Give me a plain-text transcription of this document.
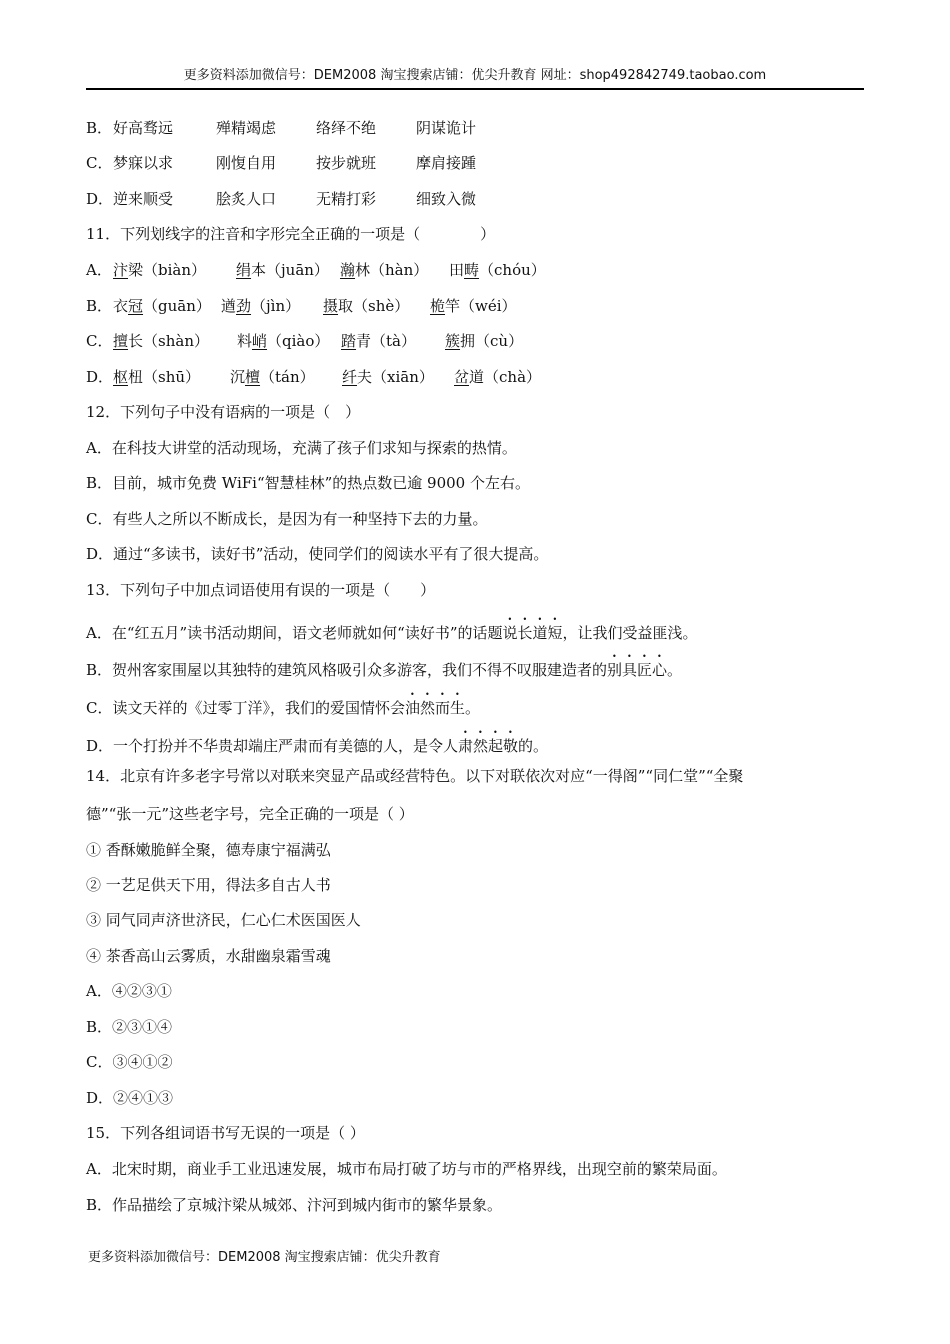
更多资料添加微信号：DEM2008 淘宝搜索店铺：优尖升教育 网址：shop492842749.taobao.com
B．好高骛远	殚精竭虑	络绎不绝	阴谋诡计
C．梦寐以求	刚愎自用	按步就班	摩肩接踵
D．逆来顺受	脍炙人口	无精打彩	细致入微
11．下列划线字的注音和字形完全正确的一项是（　　　　）
A．汴梁（biàn） 绢本（juān） 瀚林（hàn） 田畴（chóu）
B．衣冠（guān） 遒劲（jìn） 摄取（shè） 桅竿（wéi）
C．擅长（shàn） 料峭（qiào） 踏青（tà） 簇拥（cù）
D．枢杻（shū） 沉檀（tán） 纤夫（xiān） 岔道（chà）
12．下列句子中没有语病的一项是（　）
A．在科技大讲堂的活动现场，充满了孩子们求知与探索的热情。
B．目前，城市免费 WiFi“智慧桂林”的热点数已逾 9000 个左右。
C．有些人之所以不断成长，是因为有一种坚持下去的力量。
D．通过“多读书，读好书”活动，使同学们的阅读水平有了很大提高。
13．下列句子中加点词语使用有误的一项是（　　）
A．在“红五月”读书活动期间，语文老师就如何“读好书”的话题说长道短，让我们受益匪浅。
B．贺州客家围屋以其独特的建筑风格吸引众多游客，我们不得不叹服建造者的别具匠心。
C．读文天祥的《过零丁洋》，我们的爱国情怀会油然而生。
D．一个打扮并不华贵却端庄严肃而有美德的人，是令人肃然起敬的。
14．北京有许多老字号常以对联来突显产品或经营特色。以下对联依次对应“一得阁”“同仁堂”“全聚
德”“张一元”这些老字号，完全正确的一项是（ ）
① 香酥嫩脆鲜全聚，德寿康宁福满弘
② 一艺足供天下用，得法多自古人书
③ 同气同声济世济民，仁心仁术医国医人
④ 茶香高山云雾质，水甜幽泉霜雪魂
A．④②③①
B．②③①④
C．③④①②
D．②④①③
15．下列各组词语书写无误的一项是（ ）
A．北宋时期，商业手工业迅速发展，城市布局打破了坊与市的严格界线，出现空前的繁荣局面。
B．作品描绘了京城汴梁从城郊、汴河到城内街市的繁华景象。
更多资料添加微信号：DEM2008 淘宝搜索店铺：优尖升教育
